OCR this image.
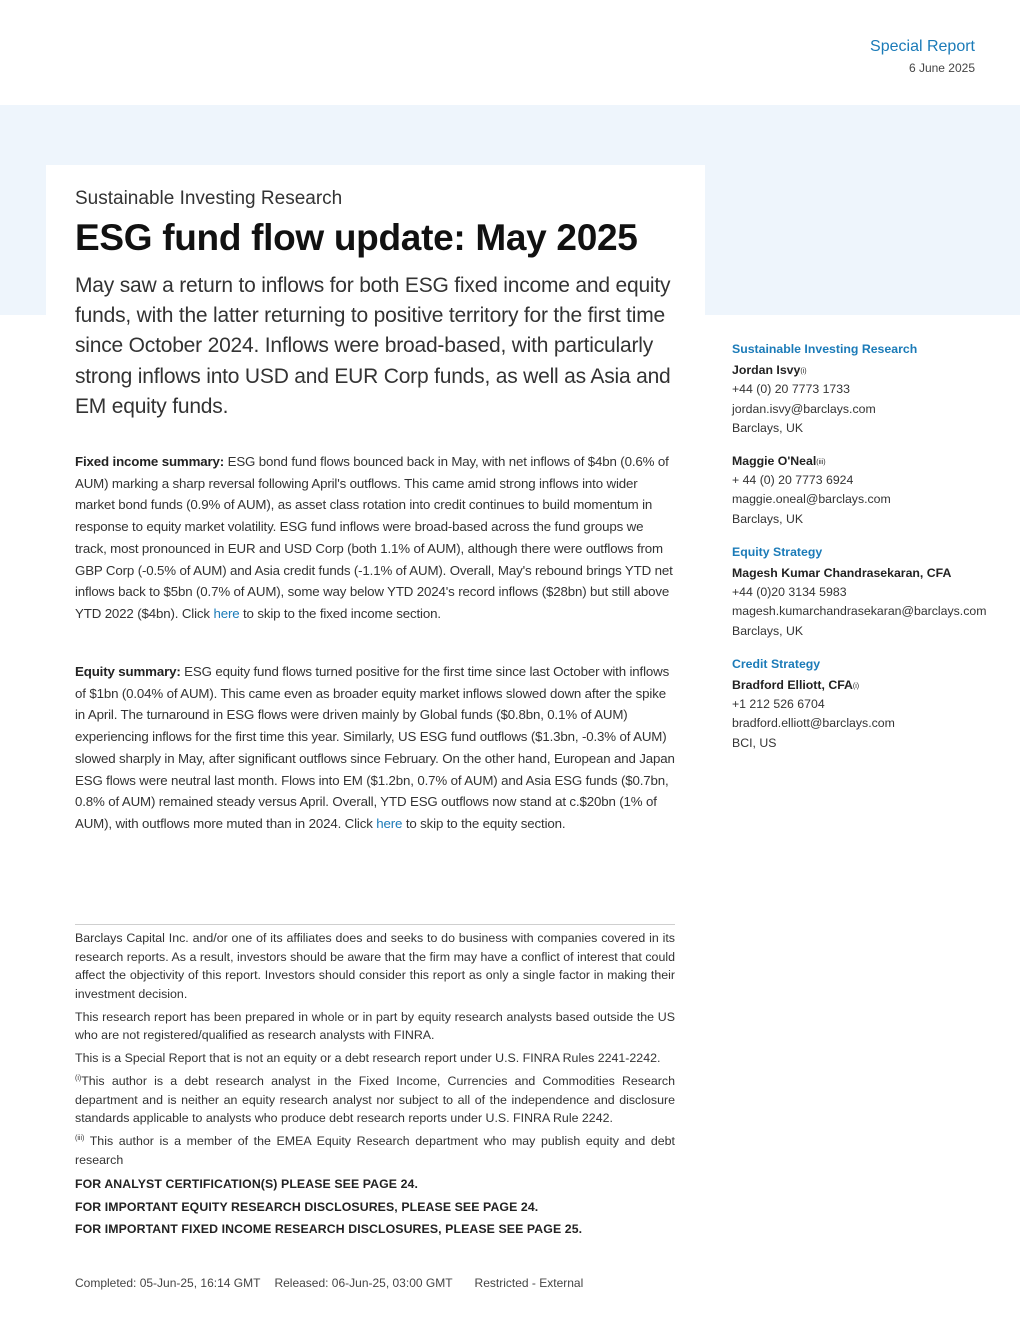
Special Report
6 June 2025
Sustainable Investing Research
ESG fund flow update: May 2025

May saw a return to inflows for both ESG fixed income and equity funds, with the latter returning to positive territory for the first time since October 2024. Inflows were broad-based, with particularly strong inflows into USD and EUR Corp funds, as well as Asia and EM equity funds.

Fixed income summary: ESG bond fund flows bounced back in May, with net inflows of $4bn (0.6% of AUM) marking a sharp reversal following April's outflows. This came amid strong inflows into wider market bond funds (0.9% of AUM), as asset class rotation into credit continues to build momentum in response to equity market volatility. ESG fund inflows were broad-based across the fund groups we track, most pronounced in EUR and USD Corp (both 1.1% of AUM), although there were outflows from GBP Corp (-0.5% of AUM) and Asia credit funds (-1.1% of AUM). Overall, May's rebound brings YTD net inflows back to $5bn (0.7% of AUM), some way below YTD 2024's record inflows ($28bn) but still above YTD 2022 ($4bn). Click here to skip to the fixed income section.

Equity summary: ESG equity fund flows turned positive for the first time since last October with inflows of $1bn (0.04% of AUM). This came even as broader equity market inflows slowed down after the spike in April. The turnaround in ESG flows were driven mainly by Global funds ($0.8bn, 0.1% of AUM) experiencing inflows for the first time this year. Similarly, US ESG fund outflows ($1.3bn, -0.3% of AUM) slowed sharply in May, after significant outflows since February. On the other hand, European and Japan ESG flows were neutral last month. Flows into EM ($1.2bn, 0.7% of AUM) and Asia ESG funds ($0.7bn, 0.8% of AUM) remained steady versus April. Overall, YTD ESG outflows now stand at c.$20bn (1% of AUM), with outflows more muted than in 2024. Click here to skip to the equity section.

Barclays Capital Inc. and/or one of its affiliates does and seeks to do business with companies covered in its research reports. As a result, investors should be aware that the firm may have a conflict of interest that could affect the objectivity of this report. Investors should consider this report as only a single factor in making their investment decision.

This research report has been prepared in whole or in part by equity research analysts based outside the US who are not registered/qualified as research analysts with FINRA.

This is a Special Report that is not an equity or a debt research report under U.S. FINRA Rules 2241-2242.

$^{(i)}$This author is a debt research analyst in the Fixed Income, Currencies and Commodities Research department and is neither an equity research analyst nor subject to all of the independence and disclosure standards applicable to analysts who produce debt research reports under U.S. FINRA Rule 2242.

$^{(iii)}$ This author is a member of the EMEA Equity Research department who may publish equity and debt research

FOR ANALYST CERTIFICATION(S) PLEASE SEE PAGE 24.
FOR IMPORTANT EQUITY RESEARCH DISCLOSURES, PLEASE SEE PAGE 24.
FOR IMPORTANT FIXED INCOME RESEARCH DISCLOSURES, PLEASE SEE PAGE 25.
Completed: 05-Jun-25, 16:14 GMT Released: 06-Jun-25, 03:00 GMT Restricted - External
Sustainable Investing Research
Jordan Isvy$^{(i)}$
+44 (0) 20 7773 1733
jordan.isvy@barclays.com
Barclays, UK
Maggie O'Neal$^{(iii)}$
+ 44 (0) 20 7773 6924
maggie.oneal@barclays.com
Barclays, UK
Equity Strategy
Magesh Kumar Chandrasekaran, CFA
+44 (0)20 3134 5983
magesh.kumarchandrasekaran@barclays.com
Barclays, UK
Credit Strategy
Bradford Elliott, $CFA^{(i)}$
+1 212 526 6704
bradford.elliott@barclays.com
BCI, US
